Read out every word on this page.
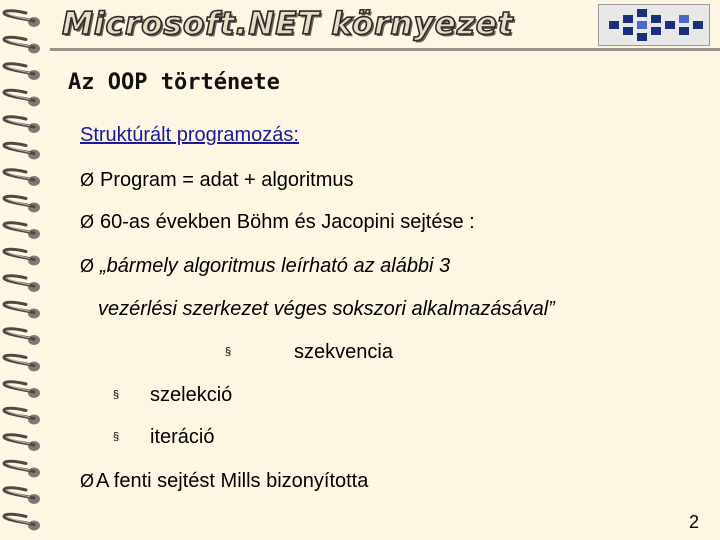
Microsoft.NET környezet
Az OOP története
Struktúrált programozás:
Ø Program = adat + algoritmus
Ø 60-as években Böhm és Jacopini sejtése :
Ø „bármely algoritmus leírható az alábbi 3
vezérlési szerkezet véges sokszori alkalmazásával”
§	szekvencia
§ szelekció
§ iteráció
Ø A fenti sejtést Mills bizonyította
2
